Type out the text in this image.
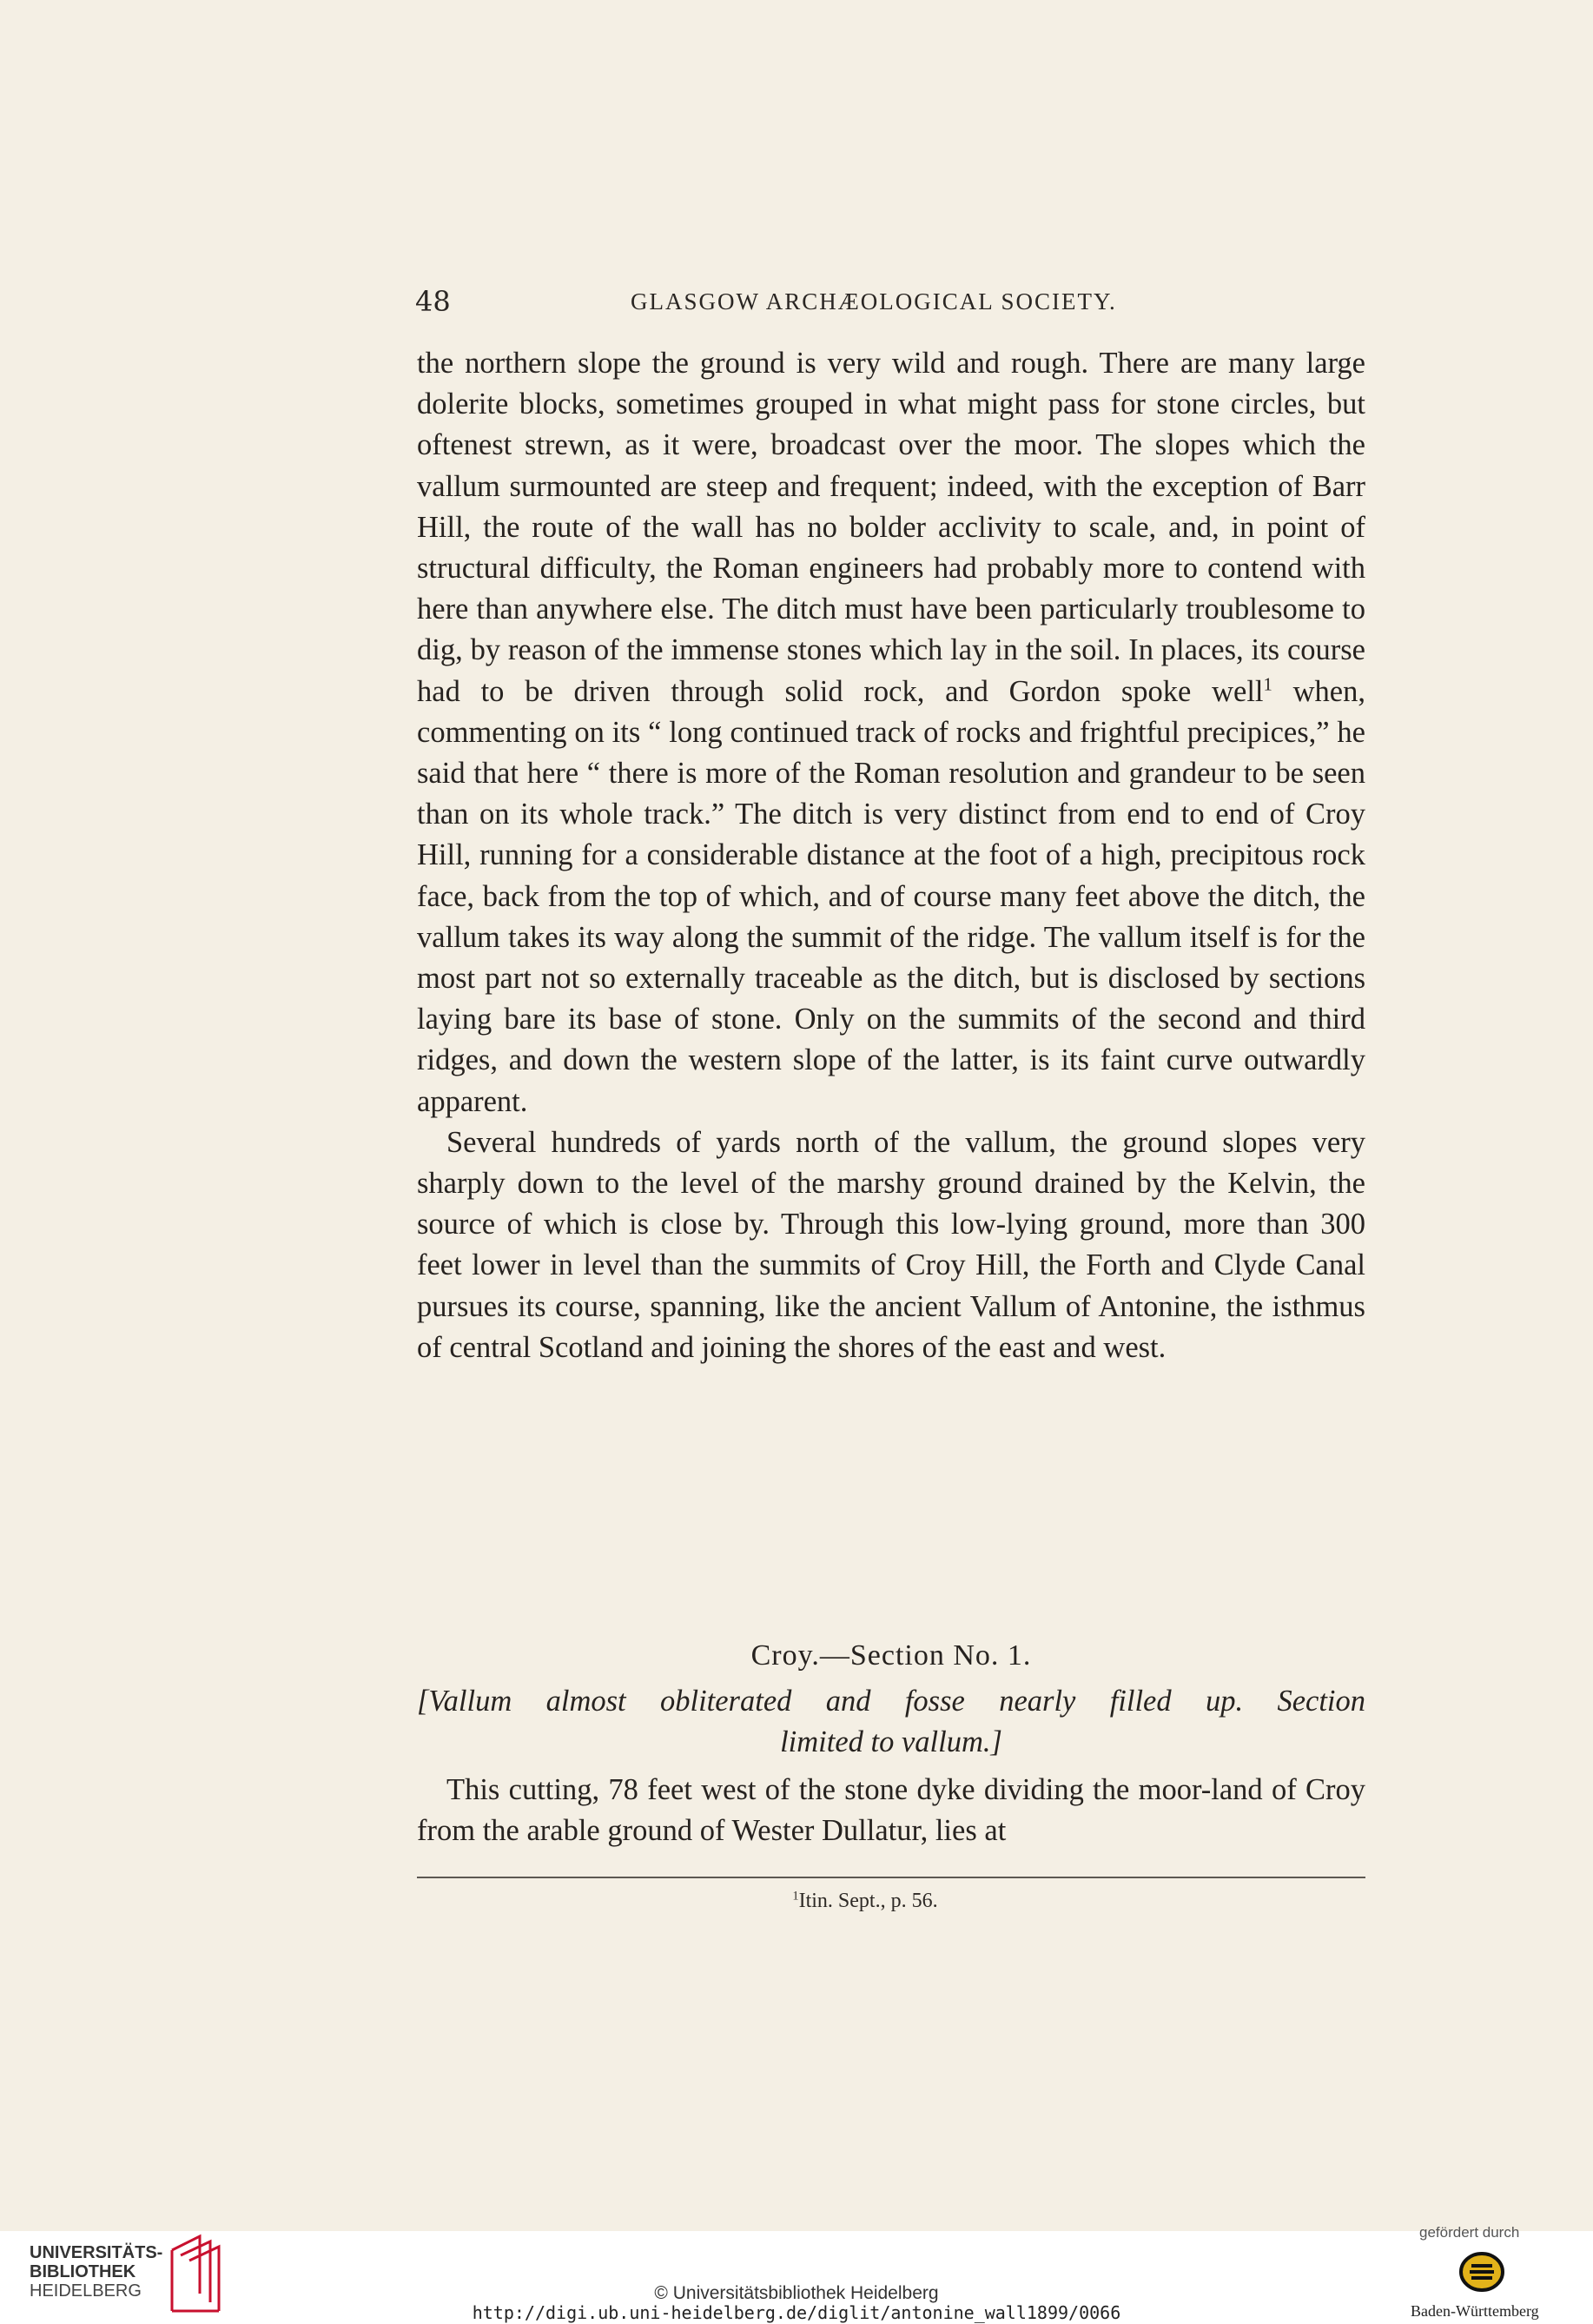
48	GLASGOW ARCHÆOLOGICAL SOCIETY.

the northern slope the ground is very wild and rough. There are many large dolerite blocks, sometimes grouped in what might pass for stone circles, but oftenest strewn, as it were, broadcast over the moor. The slopes which the vallum surmounted are steep and frequent; indeed, with the exception of Barr Hill, the route of the wall has no bolder acclivity to scale, and, in point of structural difficulty, the Roman engineers had probably more to contend with here than anywhere else. The ditch must have been particularly troublesome to dig, by reason of the immense stones which lay in the soil. In places, its course had to be driven through solid rock, and Gordon spoke well$^1$ when, commenting on its “ long continued track of rocks and frightful precipices,” he said that here “ there is more of the Roman resolution and grandeur to be seen than on its whole track.” The ditch is very distinct from end to end of Croy Hill, running for a considerable distance at the foot of a high, precipitous rock face, back from the top of which, and of course many feet above the ditch, the vallum takes its way along the summit of the ridge. The vallum itself is for the most part not so externally traceable as the ditch, but is disclosed by sections laying bare its base of stone. Only on the summits of the second and third ridges, and down the western slope of the latter, is its faint curve outwardly apparent.

Several hundreds of yards north of the vallum, the ground slopes very sharply down to the level of the marshy ground drained by the Kelvin, the source of which is close by. Through this low-lying ground, more than 300 feet lower in level than the summits of Croy Hill, the Forth and Clyde Canal pursues its course, spanning, like the ancient Vallum of Antonine, the isthmus of central Scotland and joining the shores of the east and west.

Croy.—Section No. 1.

[Vallum almost obliterated and fosse nearly filled up. Section
limited to vallum.]

This cutting, 78 feet west of the stone dyke dividing the moor-land of Croy from the arable ground of Wester Dullatur, lies at

$^1$Itin. Sept., p. 56.
UNIVERSITÄTS-
BIBLIOTHEK
HEIDELBERG	© Universitätsbibliothek Heidelberg
http://digi.ub.uni-heidelberg.de/diglit/antonine_wall1899/0066
gefördert durch
Baden-Württemberg
